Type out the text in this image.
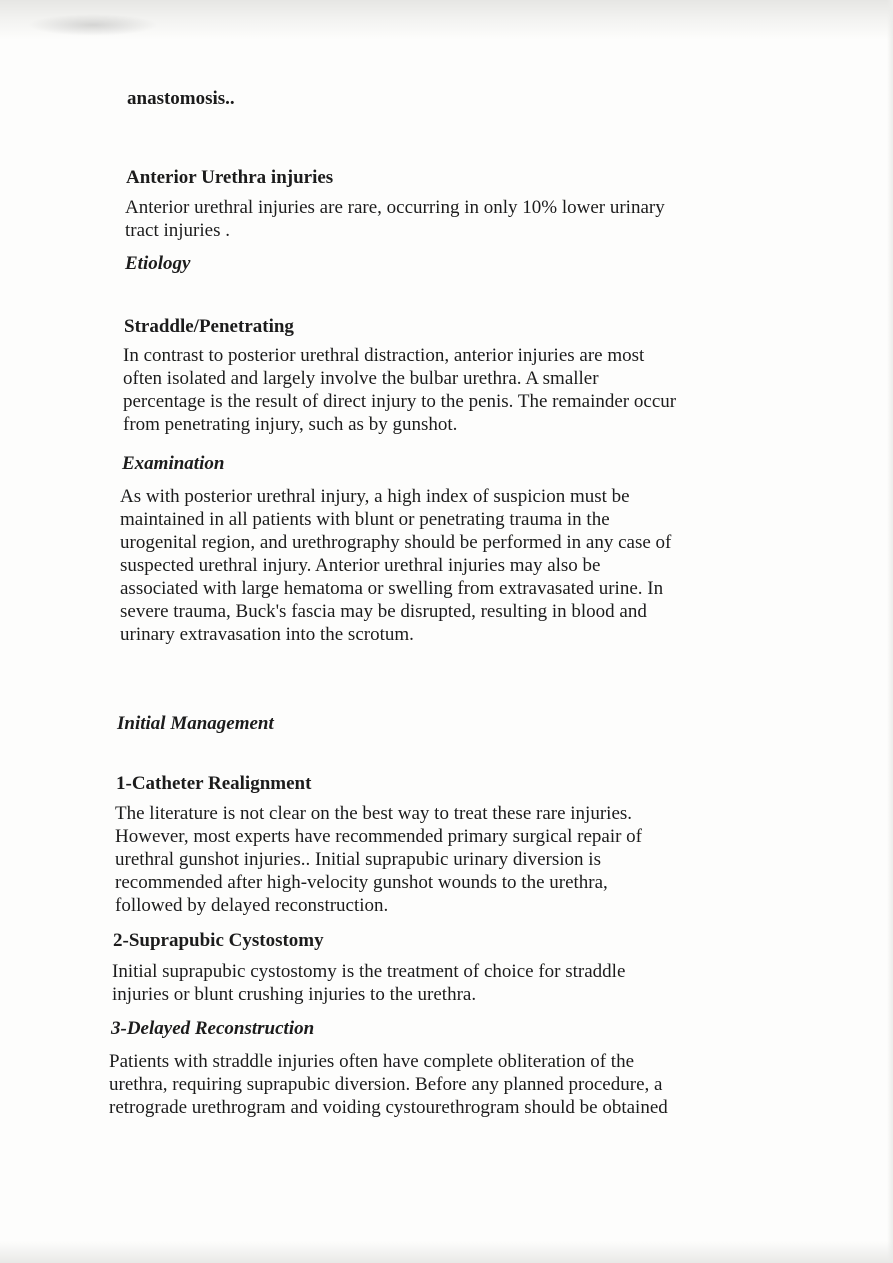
anastomosis..

Anterior Urethra injuries

Anterior urethral injuries are rare, occurring in only 10% lower urinary
tract injuries .

Etiology

Straddle/Penetrating

In contrast to posterior urethral distraction, anterior injuries are most
often isolated and largely involve the bulbar urethra. A smaller
percentage is the result of direct injury to the penis. The remainder occur
from penetrating injury, such as by gunshot.

Examination

As with posterior urethral injury, a high index of suspicion must be
maintained in all patients with blunt or penetrating trauma in the
urogenital region, and urethrography should be performed in any case of
suspected urethral injury. Anterior urethral injuries may also be
associated with large hematoma or swelling from extravasated urine. In
severe trauma, Buck's fascia may be disrupted, resulting in blood and
urinary extravasation into the scrotum.

Initial Management

1-Catheter Realignment

The literature is not clear on the best way to treat these rare injuries.
However, most experts have recommended primary surgical repair of
urethral gunshot injuries.. Initial suprapubic urinary diversion is
recommended after high-velocity gunshot wounds to the urethra,
followed by delayed reconstruction.

2-Suprapubic Cystostomy

Initial suprapubic cystostomy is the treatment of choice for straddle
injuries or blunt crushing injuries to the urethra.

3-Delayed Reconstruction

Patients with straddle injuries often have complete obliteration of the
urethra, requiring suprapubic diversion. Before any planned procedure, a
retrograde urethrogram and voiding cystourethrogram should be obtained
